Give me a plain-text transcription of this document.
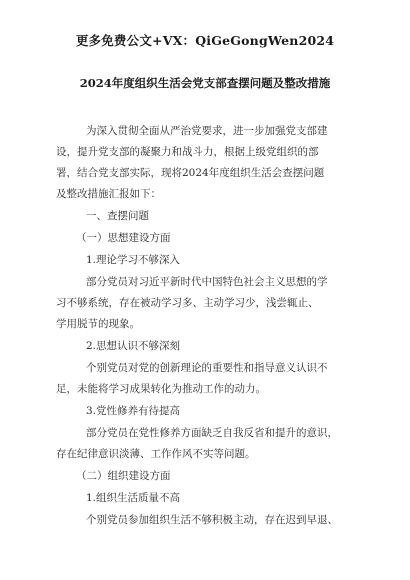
更多免费公文+VX：QiGeGongWen2024
2024年度组织生活会党支部查摆问题及整改措施
为深入贯彻全面从严治党要求，进一步加强党支部建
设，提升党支部的凝聚力和战斗力，根据上级党组织的部
署，结合党支部实际，现将2024年度组织生活会查摆问题
及整改措施汇报如下：
一、查摆问题
（一）思想建设方面
1.理论学习不够深入
部分党员对习近平新时代中国特色社会主义思想的学
习不够系统，存在被动学习多、主动学习少，浅尝辄止、
学用脱节的现象。
2.思想认识不够深刻
个别党员对党的创新理论的重要性和指导意义认识不
足，未能将学习成果转化为推动工作的动力。
3.党性修养有待提高
部分党员在党性修养方面缺乏自我反省和提升的意识，
存在纪律意识淡薄、工作作风不实等问题。
（二）组织建设方面
1.组织生活质量不高
个别党员参加组织生活不够积极主动，存在迟到早退、
